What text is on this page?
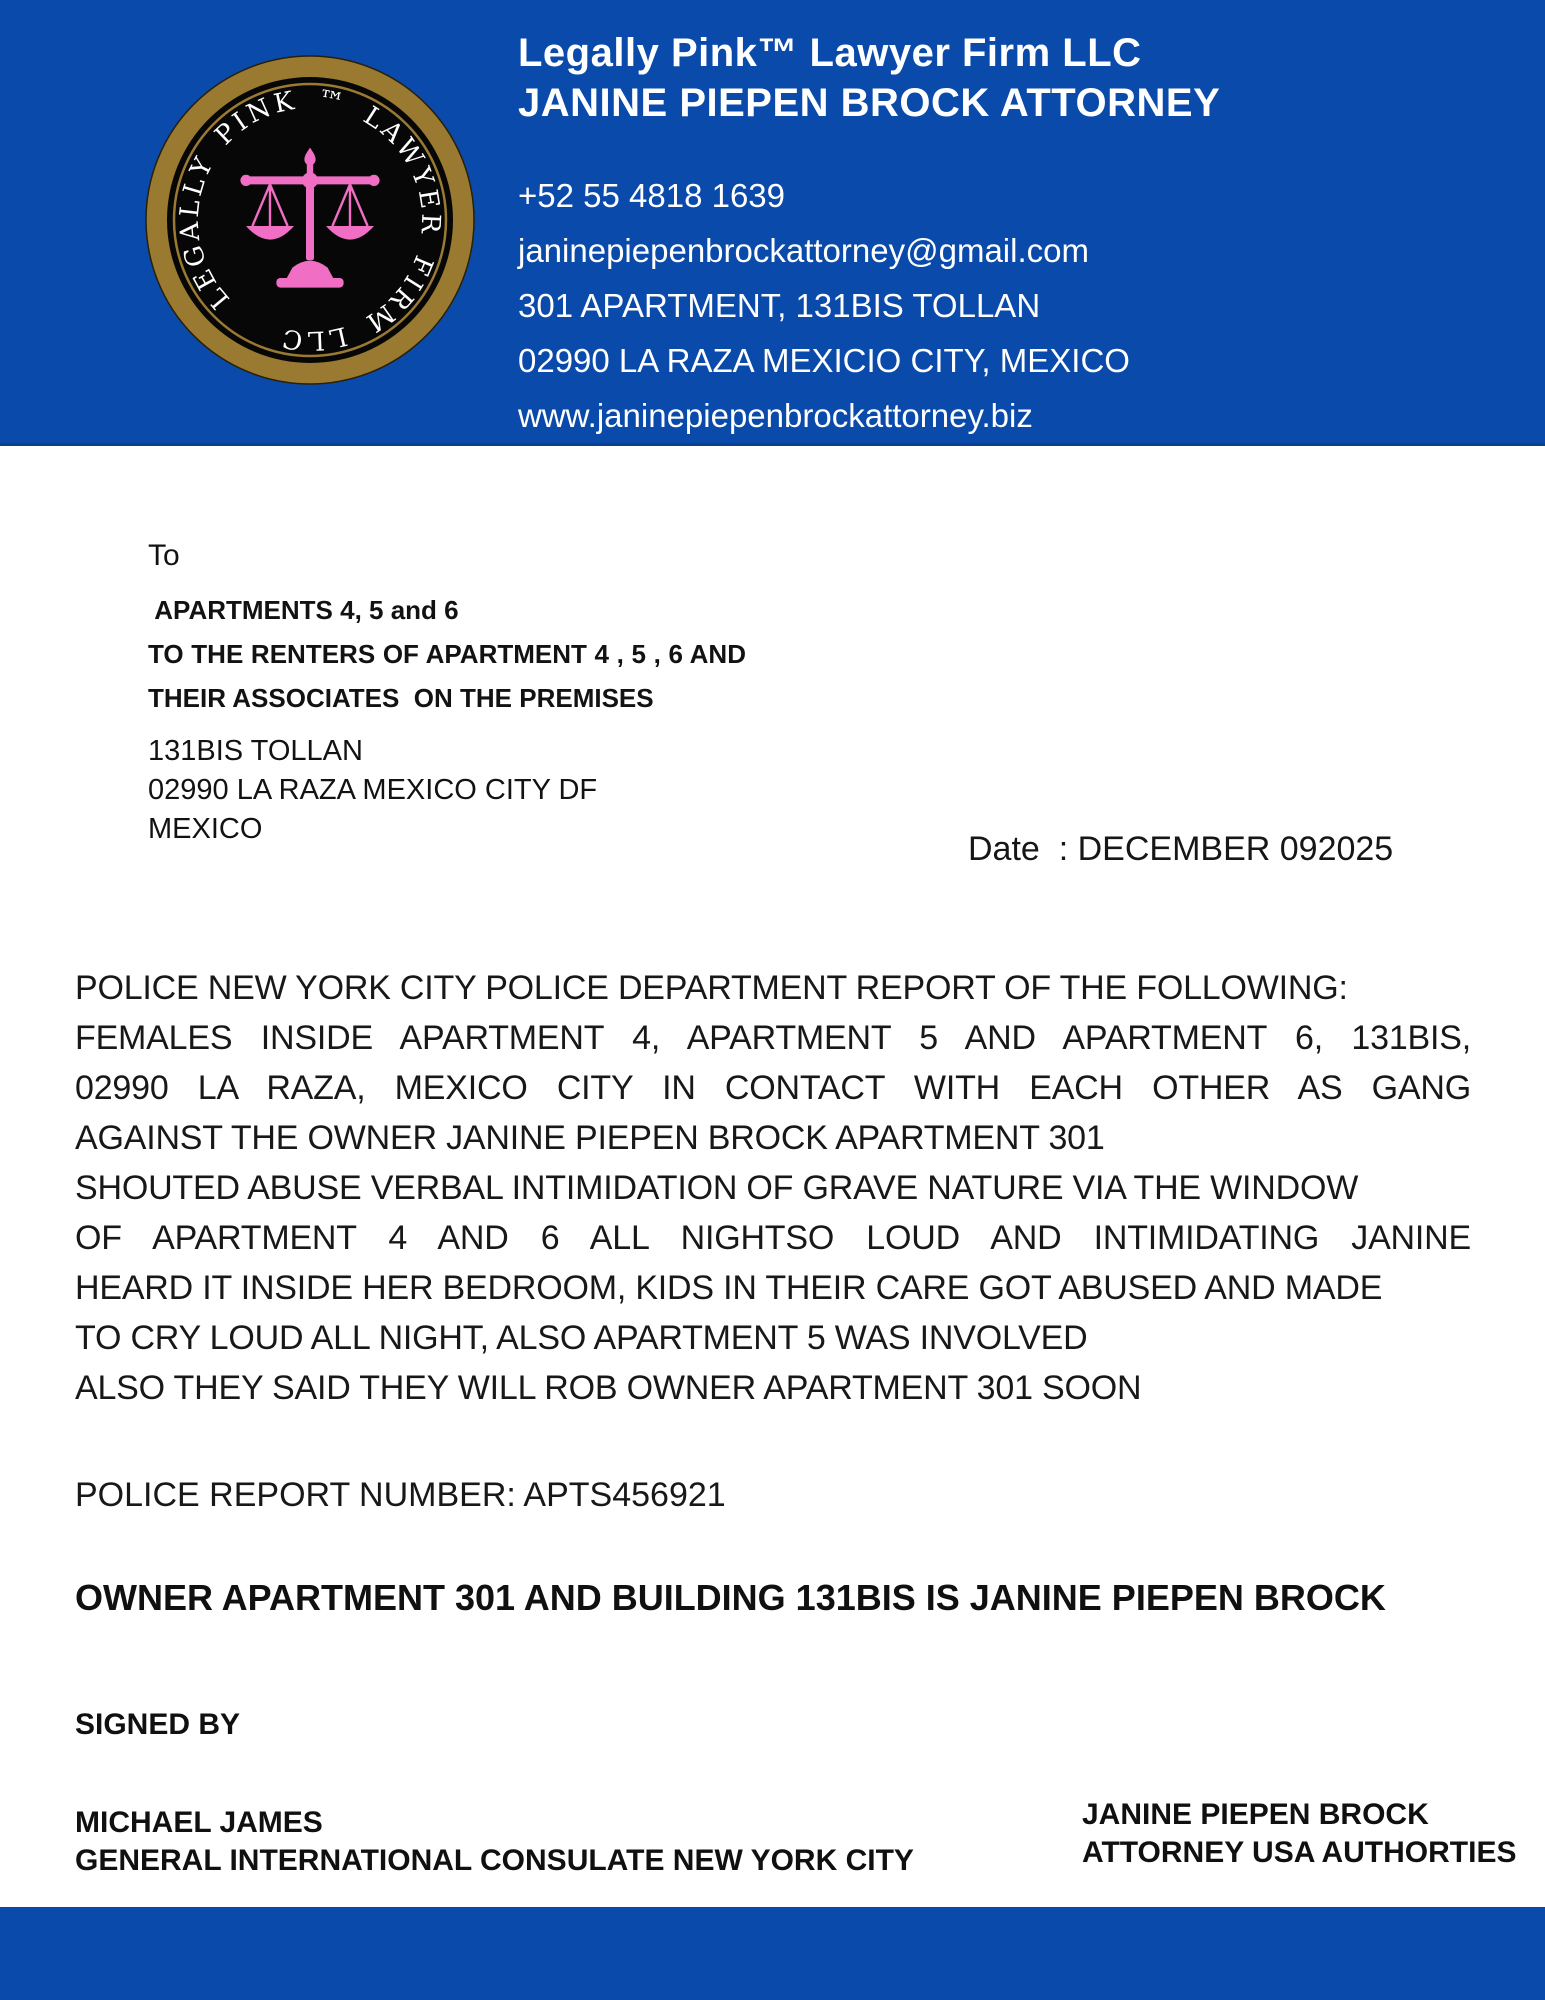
LEGALLY PINK ™ LAWYER FIRM LLC
Legally Pink™ Lawyer Firm LLC
JANINE PIEPEN BROCK ATTORNEY
+52 55 4818 1639
janinepiepenbrockattorney@gmail.com
301 APARTMENT, 131BIS TOLLAN
02990 LA RAZA MEXICIO CITY, MEXICO
www.janinepiepenbrockattorney.biz
To
APARTMENTS 4, 5 and 6
TO THE RENTERS OF APARTMENT 4 , 5 , 6 AND
THEIR ASSOCIATES  ON THE PREMISES
131BIS TOLLAN
02990 LA RAZA MEXICO CITY DF
MEXICO
Date  : DECEMBER 092025
POLICE NEW YORK CITY POLICE DEPARTMENT REPORT OF THE FOLLOWING:
FEMALES INSIDE APARTMENT 4, APARTMENT 5 AND APARTMENT 6, 131BIS,
02990 LA RAZA, MEXICO CITY IN CONTACT WITH EACH OTHER AS GANG
AGAINST THE OWNER JANINE PIEPEN BROCK APARTMENT 301
SHOUTED ABUSE VERBAL INTIMIDATION OF GRAVE NATURE VIA THE WINDOW
OF APARTMENT 4 AND 6 ALL NIGHTSO LOUD AND INTIMIDATING JANINE
HEARD IT INSIDE HER BEDROOM, KIDS IN THEIR CARE GOT ABUSED AND MADE
TO CRY LOUD ALL NIGHT, ALSO APARTMENT 5 WAS INVOLVED
ALSO THEY SAID THEY WILL ROB OWNER APARTMENT 301 SOON
POLICE REPORT NUMBER: APTS456921
OWNER APARTMENT 301 AND BUILDING 131BIS IS JANINE PIEPEN BROCK
SIGNED BY
MICHAEL JAMES
GENERAL INTERNATIONAL CONSULATE NEW YORK CITY
JANINE PIEPEN BROCK
ATTORNEY USA AUTHORTIES
